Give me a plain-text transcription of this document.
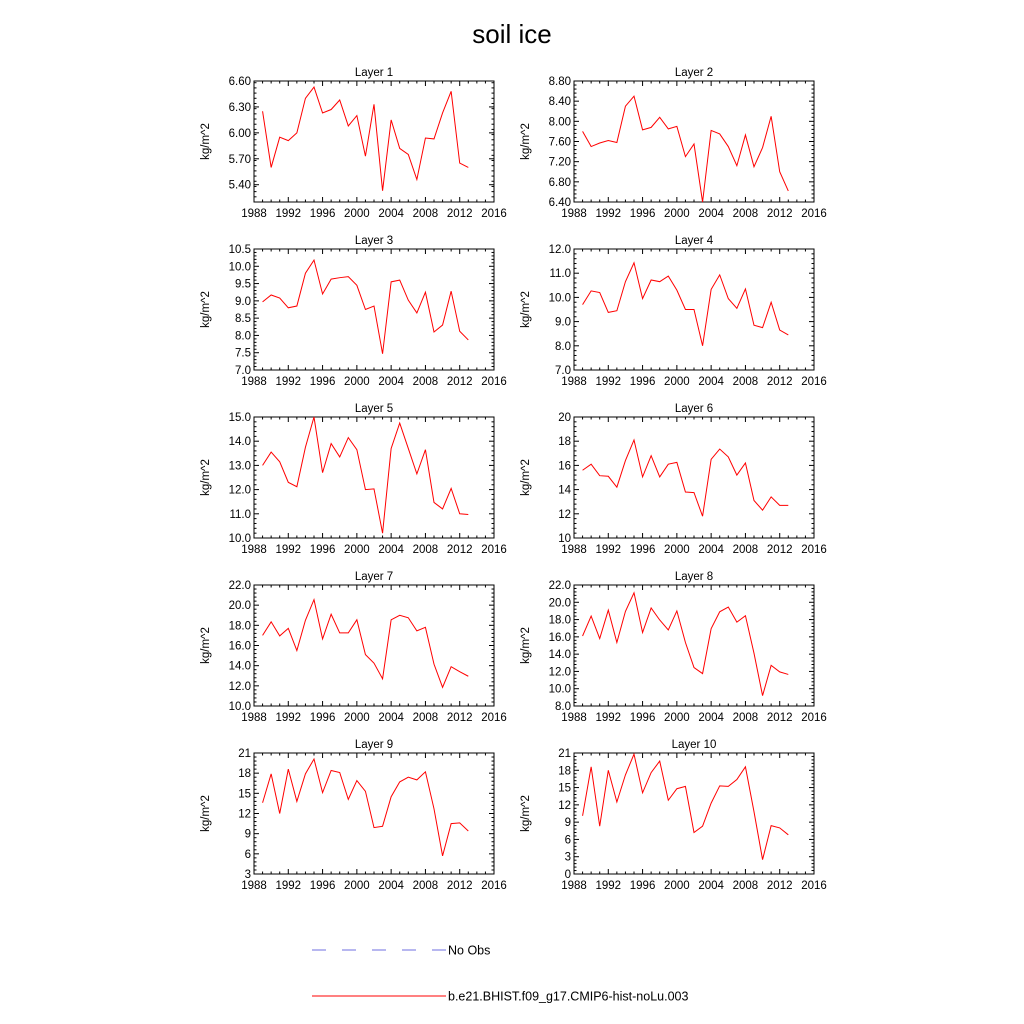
soil ice
Layer 1
kg/m^2
1988 1992 1996 2000 2004 2008 2012 2016
5.40
5.70
6.00
6.30
6.60
Layer 2
kg/m^2
1988 1992 1996 2000 2004 2008 2012 2016
6.40
6.80
7.20
7.60
8.00
8.40
8.80
Layer 3
kg/m^2
1988 1992 1996 2000 2004 2008 2012 2016
7.0
7.5
8.0
8.5
9.0
9.5
10.0
10.5
Layer 4
kg/m^2
1988 1992 1996 2000 2004 2008 2012 2016
7.0
8.0
9.0
10.0
11.0
12.0
Layer 5
kg/m^2
1988 1992 1996 2000 2004 2008 2012 2016
10.0
11.0
12.0
13.0
14.0
15.0
Layer 6
kg/m^2
1988 1992 1996 2000 2004 2008 2012 2016
10
12
14
16
18
20
Layer 7
kg/m^2
1988 1992 1996 2000 2004 2008 2012 2016
10.0
12.0
14.0
16.0
18.0
20.0
22.0
Layer 8
kg/m^2
1988 1992 1996 2000 2004 2008 2012 2016
8.0
10.0
12.0
14.0
16.0
18.0
20.0
22.0
Layer 9
kg/m^2
1988 1992 1996 2000 2004 2008 2012 2016
3
6
9
12
15
18
21
Layer 10
kg/m^2
1988 1992 1996 2000 2004 2008 2012 2016
0
3
6
9
12
15
18
21
No Obs
b.e21.BHIST.f09_g17.CMIP6-hist-noLu.003
